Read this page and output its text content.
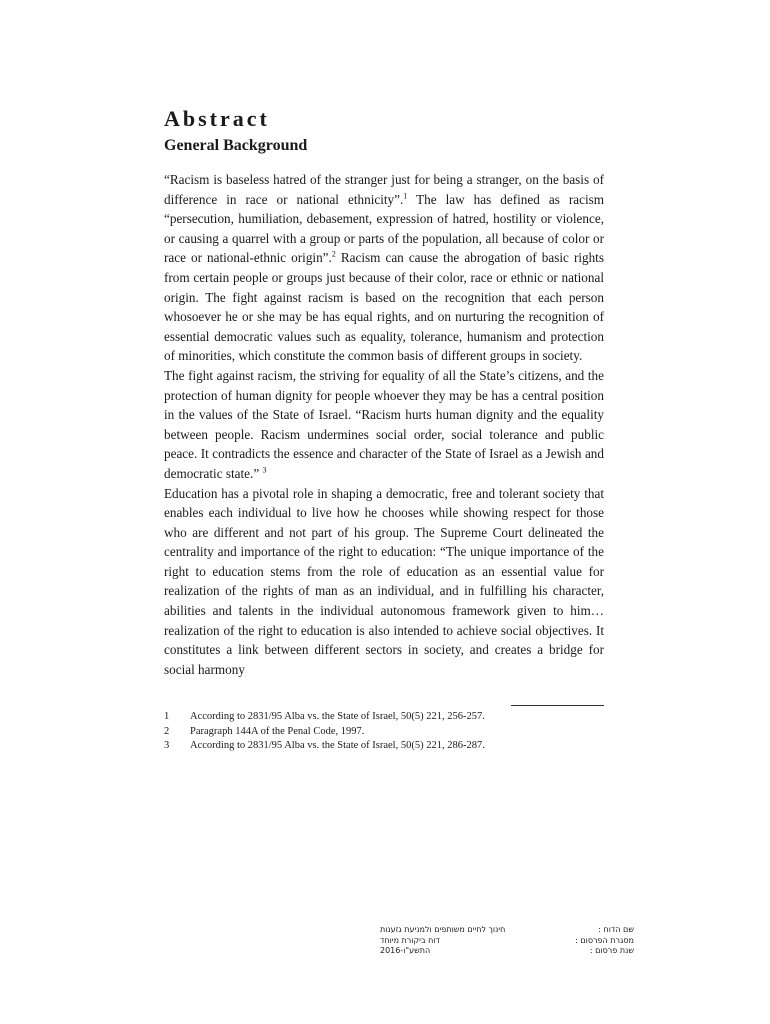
Abstract
General Background

“Racism is baseless hatred of the stranger just for being a stranger, on the basis of difference in race or national ethnicity”.$^1$ The law has defined as racism “persecution, humiliation, debasement, expression of hatred, hostility or violence, or causing a quarrel with a group or parts of the population, all because of color or race or national-ethnic origin”.$^2$ Racism can cause the abrogation of basic rights from certain people or groups just because of their color, race or ethnic or national origin. The fight against racism is based on the recognition that each person whosoever he or she may be has equal rights, and on nurturing the recognition of essential democratic values such as equality, tolerance, humanism and protection of minorities, which constitute the common basis of different groups in society.

The fight against racism, the striving for equality of all the State’s citizens, and the protection of human dignity for people whoever they may be has a central position in the values of the State of Israel. “Racism hurts human dignity and the equality between people. Racism undermines social order, social tolerance and public peace. It contradicts the essence and character of the State of Israel as a Jewish and democratic state.” $^3$

Education has a pivotal role in shaping a democratic, free and tolerant society that enables each individual to live how he chooses while showing respect for those who are different and not part of his group. The Supreme Court delineated the centrality and importance of the right to education: “The unique importance of the right to education stems from the role of education as an essential value for realization of the rights of man as an individual, and in fulfilling his character, abilities and talents in the individual autonomous framework given to him…realization of the right to education is also intended to achieve social objectives. It constitutes a link between different sectors in society, and creates a bridge for social harmony

1	According to 2831/95 Alba vs. the State of Israel, 50(5) 221, 256-257.
2	Paragraph 144A of the Penal Code, 1997.
3	According to 2831/95 Alba vs. the State of Israel, 50(5) 221, 286-287.
שם הדוח :
חינוך לחיים משותפים ולמניעת גזענות
מסגרת הפרסום :
דוח ביקורת מיוחד
שנת פרסום :
התשע"ו-2016
